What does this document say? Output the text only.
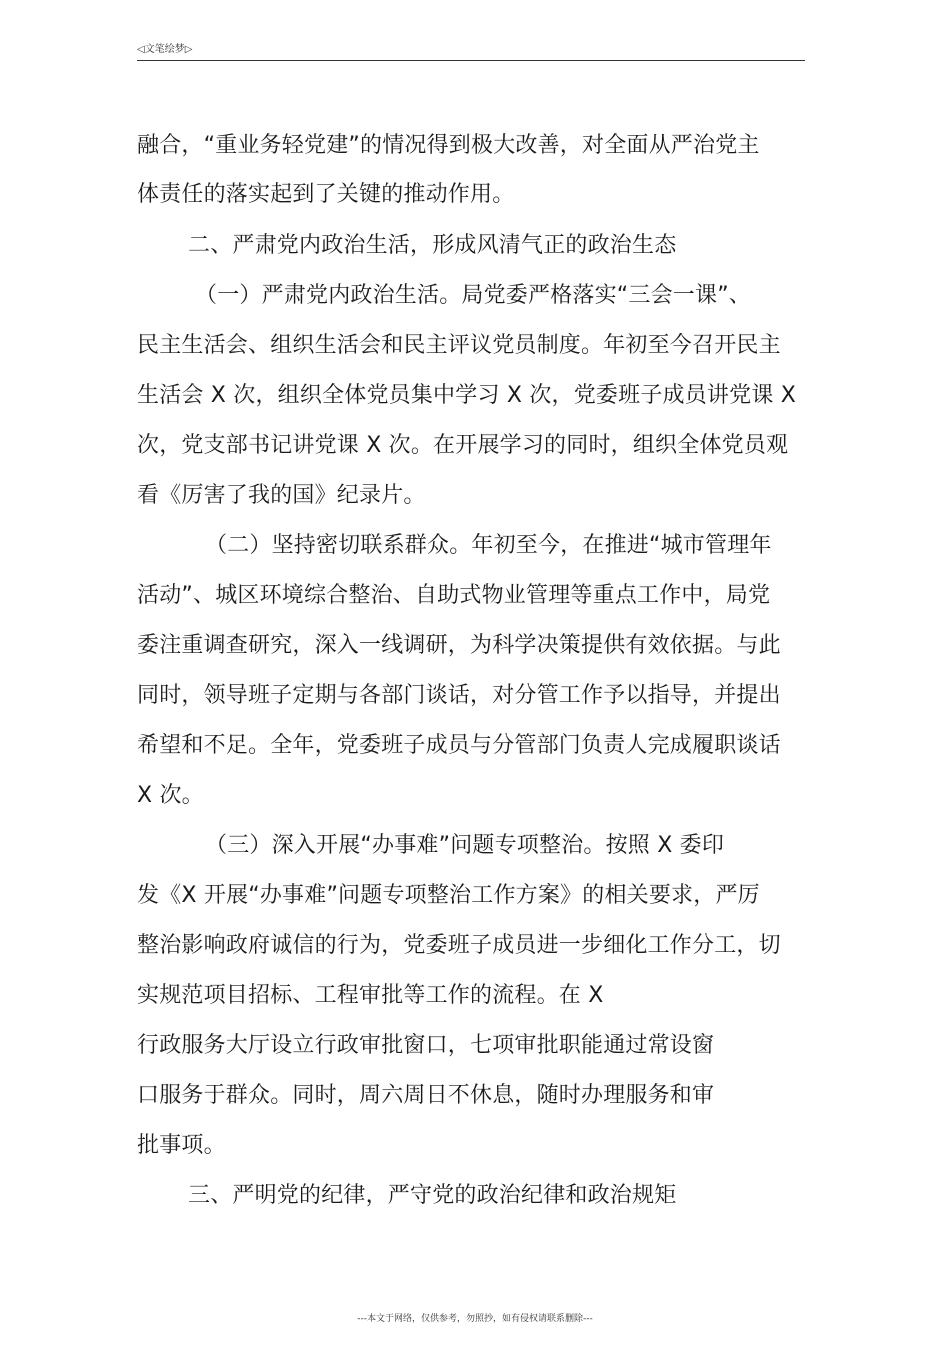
◁文笔绘梦▷
融合，“重业务轻党建”的情况得到极大改善，对全面从严治党主
体责任的落实起到了关键的推动作用。
二、严肃党内政治生活，形成风清气正的政治生态
（一）严肃党内政治生活。局党委严格落实“三会一课”、
民主生活会、组织生活会和民主评议党员制度。年初至今召开民主
生活会 X 次，组织全体党员集中学习 X 次，党委班子成员讲党课 X
次，党支部书记讲党课 X 次。在开展学习的同时，组织全体党员观
看《厉害了我的国》纪录片。
（二）坚持密切联系群众。年初至今，在推进“城市管理年
活动”、城区环境综合整治、自助式物业管理等重点工作中，局党
委注重调查研究，深入一线调研，为科学决策提供有效依据。与此
同时，领导班子定期与各部门谈话，对分管工作予以指导，并提出
希望和不足。全年，党委班子成员与分管部门负责人完成履职谈话
X 次。
（三）深入开展“办事难”问题专项整治。按照 X 委印
发《X 开展“办事难”问题专项整治工作方案》的相关要求，严厉
整治影响政府诚信的行为，党委班子成员进一步细化工作分工，切
实规范项目招标、工程审批等工作的流程。在 X
行政服务大厅设立行政审批窗口，七项审批职能通过常设窗
口服务于群众。同时，周六周日不休息，随时办理服务和审
批事项。
三、严明党的纪律，严守党的政治纪律和政治规矩
---本文于网络，仅供参考，勿照抄，如有侵权请联系删除---
